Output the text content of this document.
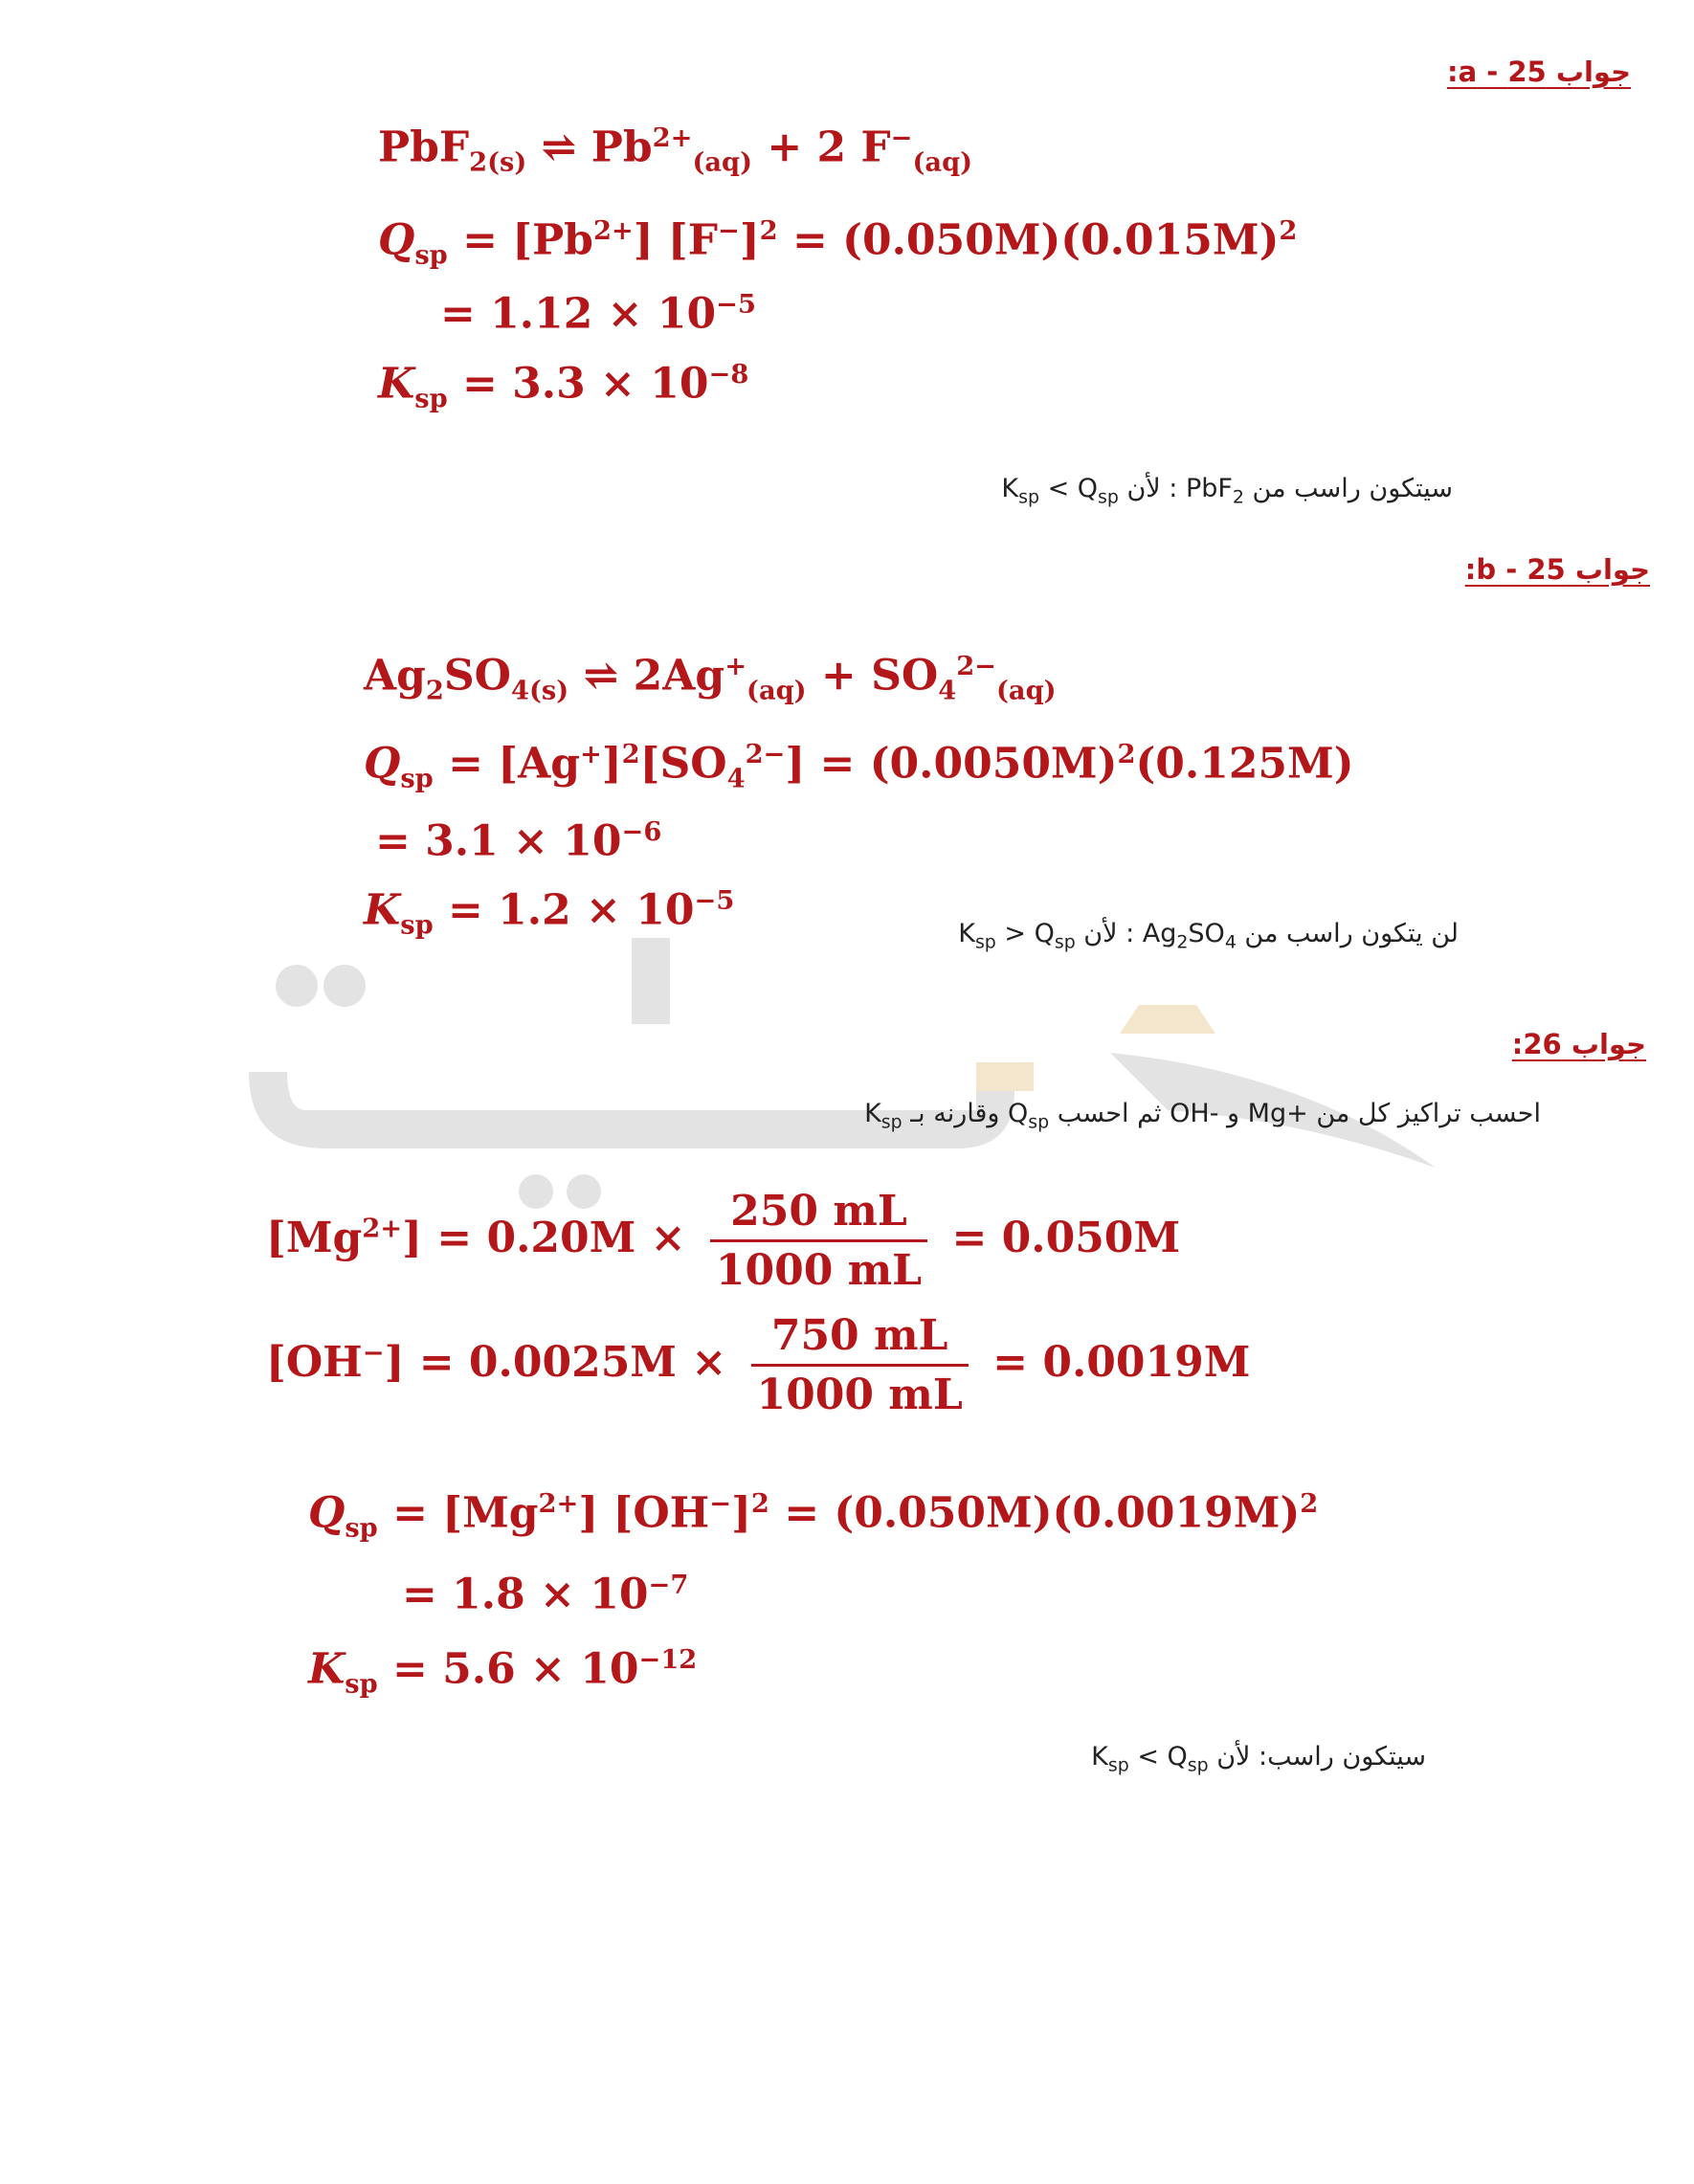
جواب 25 - a:
PbF$_{2(s)}$ ⇌ $Pb^{2+}_{(aq)} + 2$ $F^-_{(aq)}$
$Q_{sp} = [Pb^{2+}] [F^-]^2 = (0.050M)(0.015M)^2$
= $1.12 \times 10^{-5}$
$K_{sp} = 3.3 \times 10^{-8}$
سيتكون راسب من PbF$_2$ : لأن $Q_{sp} > K_{sp}$
جواب 25 - b:
$Ag_2SO_{4(s)}$ ⇌ $2Ag^+_{(aq)} + SO_4^{2-}_{(aq)}$
$Q_{sp} = [Ag^+]^2[SO_4^{2-}] = (0.0050M)^2(0.125M)$
= $3.1 \times 10^{-6}$
$K_{sp} = 1.2 \times 10^{-5}$
لن يتكون راسب من $Ag_2SO_4$ : لأن $Q_{sp} < K_{sp}$
جواب 26:
احسب تراكيز كل من Mg+ و OH- ثم احسب $Q_{sp}$ وقارنه بـ $K_{sp}$
$[Mg^{2+}] = 0.20M \times \frac{250 mL}{1000 mL} = 0.050M$
$[OH^-] = 0.0025M \times \frac{750 mL}{1000 mL} = 0.0019M$
$Q_{sp} = [Mg^{2+}] [OH^-]^2 = (0.050M)(0.0019M)^2$
= $1.8 \times 10^{-7}$
$K_{sp} = 5.6 \times 10^{-12}$
سيتكون راسب: لأن $Q_{sp} > K_{sp}$
